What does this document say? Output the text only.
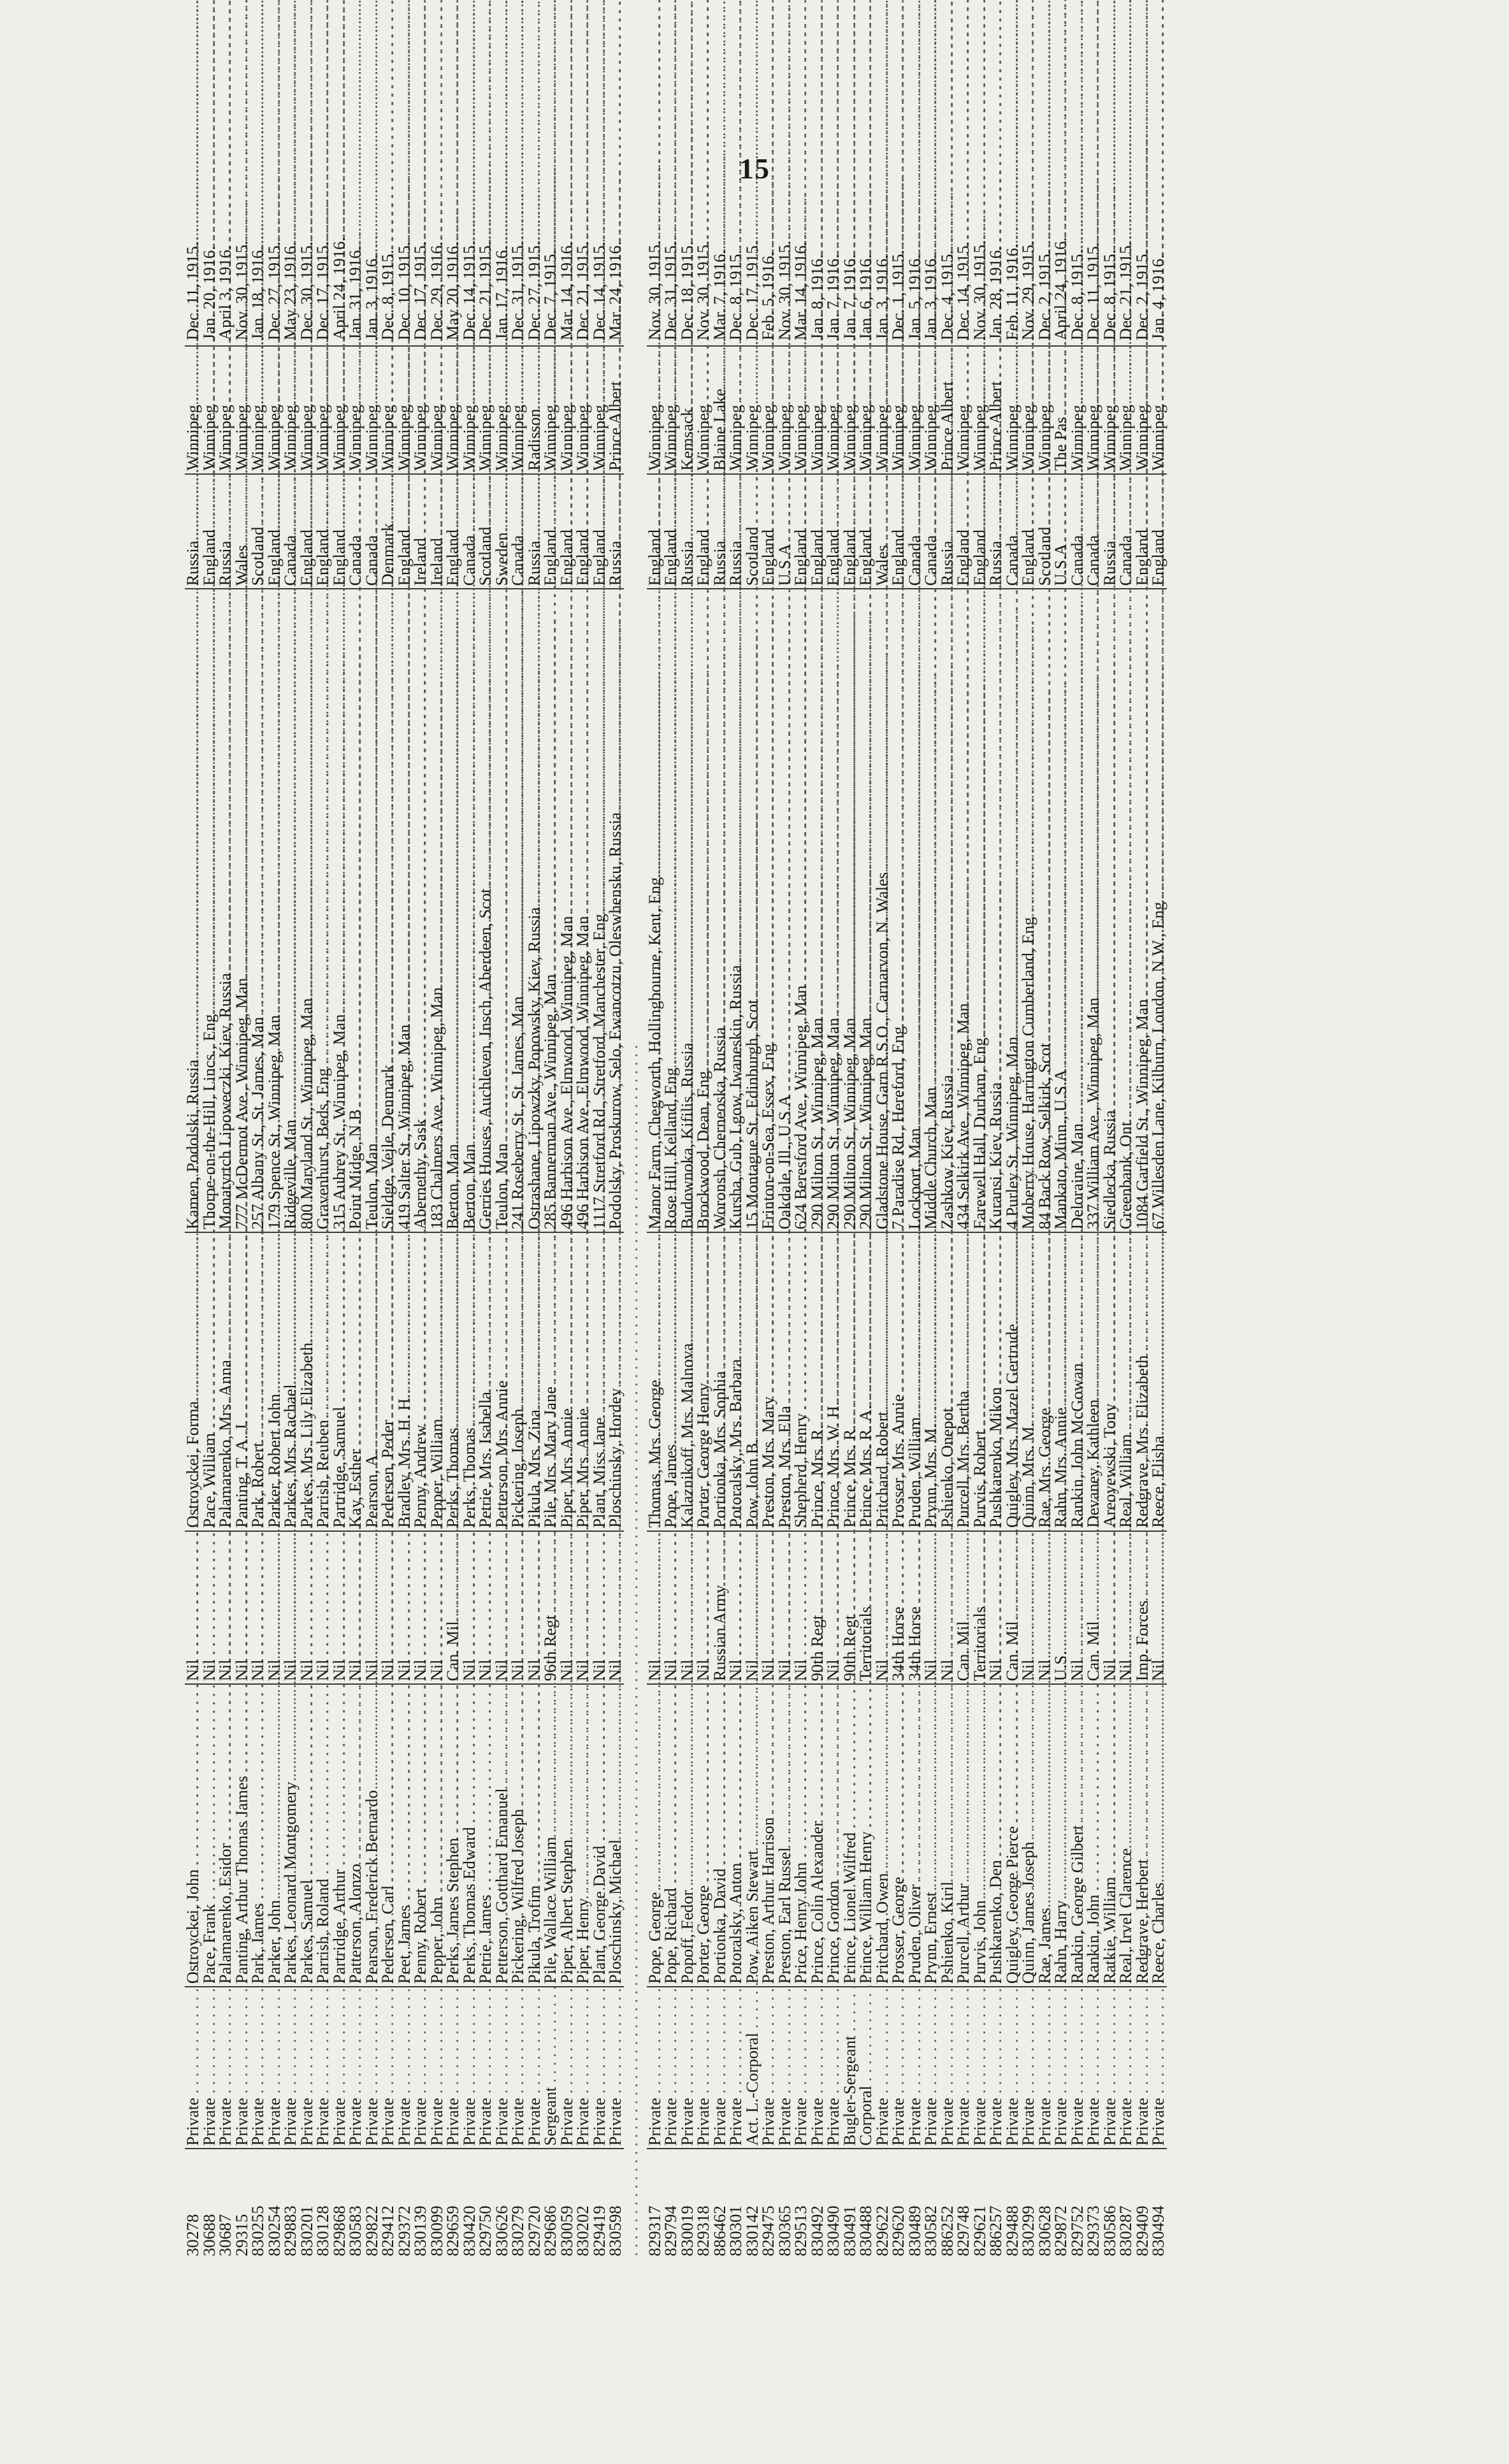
15
30278	Private . . .	Ostroyckei, John . . .	Nil . . .	Ostroyckei, Forma . . .	Kamen, Podolski, Russia . . .	Russia . . .	Winnipeg . . .	Dec. 11, 1915.
30688	Private . . .	Pace, Frank . . .	Nil . . .	Pace, William . . .	Thorpe-on-the-Hill, Lincs., Eng . . .	England . . .	Winnipeg . . .	Jan. 20, 1916.
30687	Private . . .	Palamarenko, Esidor . . .	Nil . . .	Palamarenko, Mrs. Anna . . .	Monatyrtch Lipoweczki, Kiev, Russia . . .	Russia . . .	Winnipeg . . .	April 3, 1916.
29315	Private . . .	Panting, Arthur Thomas James . . .	Nil . . .	Panting, T. A. J. . . .	777 McDermot Ave., Winnipeg, Man . . .	Wales . . .	Winnipeg . . .	Nov. 30, 1915.
830255	Private . . .	Park, James . . .	Nil . . .	Park, Robert . . .	257 Albany St., St. James, Man . . .	Scotland . . .	Winnipeg . . .	Jan. 18, 1916.
830254	Private . . .	Parker, John . . .	Nil . . .	Parker, Robert John . . .	179 Spence St., Winnipeg, Man . . .	England . . .	Winnipeg . . .	Dec. 27, 1915.
829883	Private . . .	Parkes, Leonard Montgomery . . .	Nil . . .	Parkes, Mrs. Rachael . . .	Ridgeville, Man . . .	Canada . . .	Winnipeg . . .	May 23, 1916.
830201	Private . . .	Parkes, Samuel . . .	Nil . . .	Parkes, Mrs. Lily Elizabeth . . .	800 Maryland St., Winnipeg, Man . . .	England . . .	Winnipeg . . .	Dec. 30, 1915.
830128	Private . . .	Parrish, Roland . . .	Nil . . .	Parrish, Reuben . . .	Gravenhurst, Beds, Eng . . .	England . . .	Winnipeg . . .	Dec. 17, 1915.
829868	Private . . .	Partridge, Arthur . . .	Nil . . .	Partridge, Samuel . . .	315 Aubrey St., Winnipeg, Man . . .	England . . .	Winnipeg . . .	April 24, 1916.
830583	Private . . .	Patterson, Alonzo . . .	Nil . . .	Kay, Esther . . .	Point Midge, N.B . . .	Canada . . .	Winnipeg . . .	Jan. 31, 1916.
829822	Private . . .	Pearson, Frederick Bernardo . . .	Nil . . .	Pearson, A. . . .	Teulon, Man . . .	Canada . . .	Winnipeg . . .	Jan. 3, 1916.
829412	Private . . .	Pedersen, Carl . . .	Nil . . .	Pedersen, Peder . . .	Sieldge, Vejle, Denmark . . .	Denmark . . .	Winnipeg . . .	Dec. 8, 1915.
829372	Private . . .	Peet, James . . .	Nil . . .	Bradley, Mrs. H. H. . . .	419 Salter St., Winnipeg, Man . . .	England . . .	Winnipeg . . .	Dec. 10, 1915.
830139	Private . . .	Penny, Robert . . .	Nil . . .	Penny, Andrew . . .	Abernethy, Sask . . .	Ireland . . .	Winnipeg . . .	Dec. 17, 1915.
830099	Private . . .	Pepper, John . . .	Nil . . .	Pepper, William . . .	183 Chalmers Ave., Winnipeg, Man . . .	Ireland . . .	Winnipeg . . .	Dec. 29, 1916.
829659	Private . . .	Perks, James Stephen . . .	Can. Mil . . .	Perks, Thomas . . .	Berton, Man . . .	England . . .	Winnipeg . . .	May 20, 1916.
830420	Private . . .	Perks, Thomas Edward . . .	Nil . . .	Perks, Thomas . . .	Berton, Man . . .	Canada . . .	Winnipeg . . .	Dec. 14, 1915.
829750	Private . . .	Petrie, James . . .	Nil . . .	Petrie, Mrs. Isabella . . .	Gerries Houses, Auchleven, Insch, Aberdeen, Scot . . .	Scotland . . .	Winnipeg . . .	Dec. 21, 1915.
830626	Private . . .	Petterson, Gotthard Emanuel . . .	Nil . . .	Petterson, Mrs. Annie . . .	Teulon, Man . . .	Sweden . . .	Winnipeg . . .	Jan. 17, 1916.
830279	Private . . .	Pickering, Wilfred Joseph . . .	Nil . . .	Pickering, Joseph . . .	241 Roseberry St., St. James, Man . . .	Canada . . .	Winnipeg . . .	Dec. 31, 1915.
829720	Private . . .	Pikula, Trofim . . .	Nil . . .	Pikula, Mrs. Zina . . .	Ostrashane, Lipowzky, Popowsky, Kiev, Russia . . .	Russia . . .	Radisson . . .	Dec. 27, 1915.
829686	Sergeant . . .	Pile, Wallace William . . .	96th Regt . . .	Pile, Mrs. Mary Jane . . .	285 Bannerman Ave., Winnipeg, Man . . .	England . . .	Winnipeg . . .	Dec. 7, 1915.
830059	Private . . .	Piper, Albert Stephen . . .	Nil . . .	Piper, Mrs. Annie . . .	496 Harbison Ave., Elmwood, Winnipeg, Man . . .	England . . .	Winnipeg . . .	Mar. 14, 1916.
830202	Private . . .	Piper, Henry . . .	Nil . . .	Piper, Mrs. Annie . . .	496 Harbison Ave., Elmwood, Winnipeg, Man . . .	England . . .	Winnipeg . . .	Dec. 21, 1915.
829419	Private . . .	Plant, George David . . .	Nil . . .	Plant, Miss Jane . . .	1117 Stretford Rd., Stretford, Manchester, Eng . . .	England . . .	Winnipeg . . .	Dec. 14, 1915.
830598	Private . . .	Ploschinsky, Michael . . .	Nil . . .	Ploschinsky, Hordey . . .	Podolsky, Proskurow, Selo, Ewancotzu, Oleswhensku, Russia . . .	Russia . . .	Prince Albert . . .	Mar. 24, 1916.
. . .
829317	Private . . .	Pope, George . . .	Nil . . .	Thomas, Mrs. George . . .	Manor Farm, Chegworth, Hollingbourne, Kent, Eng . . .	England . . .	Winnipeg . . .	Nov. 30, 1915.
829794	Private . . .	Pope, Richard . . .	Nil . . .	Pope, James . . .	Rose Hill, Kelland, Eng . . .	England . . .	Winnipeg . . .	Dec. 31, 1915.
830019	Private . . .	Popoff, Fedor . . .	Nil . . .	Kalaznikoff, Mrs. Malnova . . .	Budownoka, Kifilis, Russia . . .	Russia . . .	Kemsack . . .	Dec. 18, 1915.
829318	Private . . .	Porter, George . . .	Nil . . .	Porter, George Henry . . .	Brockwood, Dean, Eng . . .	England . . .	Winnipeg . . .	Nov. 30, 1915.
886462	Private . . .	Portionka, David . . .	Russian Army . . .	Portionka, Mrs. Sophia . . .	Woronsh, Cherneoska, Russia . . .	Russia . . .	Blaine Lake . . .	Mar. 7, 1916.
830301	Private . . .	Potoralsky, Anton . . .	Nil . . .	Potoralsky, Mrs. Barbara . . .	Kursha, Gub, Lgow, Iwaneskin, Russia . . .	Russia . . .	Winnipeg . . .	Dec. 8, 1915.
830142	Act. L.-Corporal . . .	Pow, Aiken Stewart . . .	Nil . . .	Pow, John B. . . .	15 Montague St., Edinburgh, Scot . . .	Scotland . . .	Winnipeg . . .	Dec. 17, 1915.
829475	Private . . .	Preston, Arthur Harrison . . .	Nil . . .	Preston, Mrs. Mary . . .	Frinton-on-Sea, Essex, Eng . . .	England . . .	Winnipeg . . .	Feb. 5, 1916.
830365	Private . . .	Preston, Earl Russel . . .	Nil . . .	Preston, Mrs. Ella . . .	Oakdale, Ill., U.S.A . . .	U.S.A . . .	Winnipeg . . .	Nov. 30, 1915.
829513	Private . . .	Price, Henry John . . .	Nil . . .	Shepherd, Henry . . .	624 Beresford Ave., Winnipeg, Man . . .	England . . .	Winnipeg . . .	Mar. 14, 1916.
830492	Private . . .	Prince, Colin Alexander . . .	90th Regt . . .	Prince, Mrs. R. . . .	290 Milton St., Winnipeg, Man . . .	England . . .	Winnipeg . . .	Jan. 8, 1916.
830490	Private . . .	Prince, Gordon . . .	Nil . . .	Prince, Mrs. W. H. . . .	290 Milton St., Winnipeg, Man . . .	England . . .	Winnipeg . . .	Jan. 7, 1916.
830491	Bugler-Sergeant . . .	Prince, Lionel Wilfred . . .	90th Regt . . .	Prince, Mrs. R. . . .	290 Milton St., Winnipeg, Man . . .	England . . .	Winnipeg . . .	Jan. 7, 1916.
830488	Corporal . . .	Prince, William Henry . . .	Territorials . . .	Prince, Mrs. R. A. . . .	290 Milton St., Winnipeg, Man . . .	England . . .	Winnipeg . . .	Jan. 6, 1916.
829622	Private . . .	Pritchard, Owen . . .	Nil . . .	Pritchard, Robert . . .	Gladstone House, Garn R.S.O., Carnarvon, N. Wales . . .	Wales . . .	Winnipeg . . .	Jan. 3, 1916.
829620	Private . . .	Prosser, George . . .	34th Horse . . .	Prosser, Mrs. Annie . . .	7 Paradise Rd., Hereford, Eng . . .	England . . .	Winnipeg . . .	Dec. 1, 1915.
830489	Private . . .	Pruden, Oliver . . .	34th Horse . . .	Pruden, William . . .	Lockport, Man . . .	Canada . . .	Winnipeg . . .	Jan. 5, 1916.
830582	Private . . .	Prynn, Ernest . . .	Nil . . .	Prynn, Mrs. M. . . .	Middle Church, Man . . .	Canada . . .	Winnipeg . . .	Jan. 3, 1916.
886252	Private . . .	Pshienko, Kiril . . .	Nil . . .	Pshienko, Onepot . . .	Zashkow, Kiev, Russia . . .	Russia . . .	Prince Albert . . .	Dec. 4, 1915.
829748	Private . . .	Purcell, Arthur . . .	Can. Mil . . .	Purcell, Mrs. Bertha . . .	434 Selkirk Ave., Winnipeg, Man . . .	England . . .	Winnipeg . . .	Dec. 14, 1915.
829621	Private . . .	Purvis, John . . .	Territorials . . .	Purvis, Robert . . .	Farewell Hall, Durham, Eng . . .	England . . .	Winnipeg . . .	Nov. 30, 1915.
886257	Private . . .	Pushkarenko, Den . . .	Nil . . .	Pushkarenko, Mikon . . .	Kuransi, Kiev, Russia . . .	Russia . . .	Prince Albert . . .	Jan. 28, 1916.
829488	Private . . .	Quigley, George Pierce . . .	Can. Mil . . .	Quigley, Mrs. Mazel Gertrude . . .	4 Purley St., Winnipeg, Man . . .	Canada . . .	Winnipeg . . .	Feb. 11, 1916.
830299	Private . . .	Quinn, James Joseph . . .	Nil . . .	Quinn, Mrs. M. . . .	Moberry House, Harrington Cumberland, Eng . . .	England . . .	Winnipeg . . .	Nov. 29, 1915.
830628	Private . . .	Rae, James . . .	Nil . . .	Rae, Mrs. George . . .	84 Back Row, Selkirk, Scot . . .	Scotland . . .	Winnipeg . . .	Dec. 2, 1915.
829872	Private . . .	Rahn, Harry . . .	U.S. . . .	Rahn, Mrs. Annie . . .	Mankato, Minn., U.S.A . . .	U.S.A . . .	The Pas . . .	April 24, 1916.
829752	Private . . .	Rankin, George Gilbert . . .	Nil . . .	Rankin, John McGowan . . .	Deloraine, Man . . .	Canada . . .	Winnipeg . . .	Dec. 8, 1915.
829373	Private . . .	Rankin, John . . .	Can. Mil . . .	Devaney, Kathleen . . .	337 William Ave., Winnipeg, Man . . .	Canada . . .	Winnipeg . . .	Dec. 11, 1915.
830586	Private . . .	Ratkie, William . . .	Nil . . .	Areoyewski, Tony . . .	Siedlecka, Russia . . .	Russia . . .	Winnipeg . . .	Dec. 8, 1915.
830287	Private . . .	Real, Irvel Clarence . . .	Nil . . .	Real, William . . .	Greenbank, Ont . . .	Canada . . .	Winnipeg . . .	Dec. 21, 1915.
829409	Private . . .	Redgrave, Herbert . . .	Imp. Forces . . .	Redgrave, Mrs. Elizabeth . . .	1084 Garfield St., Winnipeg, Man . . .	England . . .	Winnipeg . . .	Dec. 2, 1915.
830494	Private . . .	Reece, Charles . . .	Nil . . .	Reece, Elisha . . .	67 Willesden Lane, Kilburn, London, N.W., Eng . . .	England . . .	Winnipeg . . .	Jan. 4, 1916.
